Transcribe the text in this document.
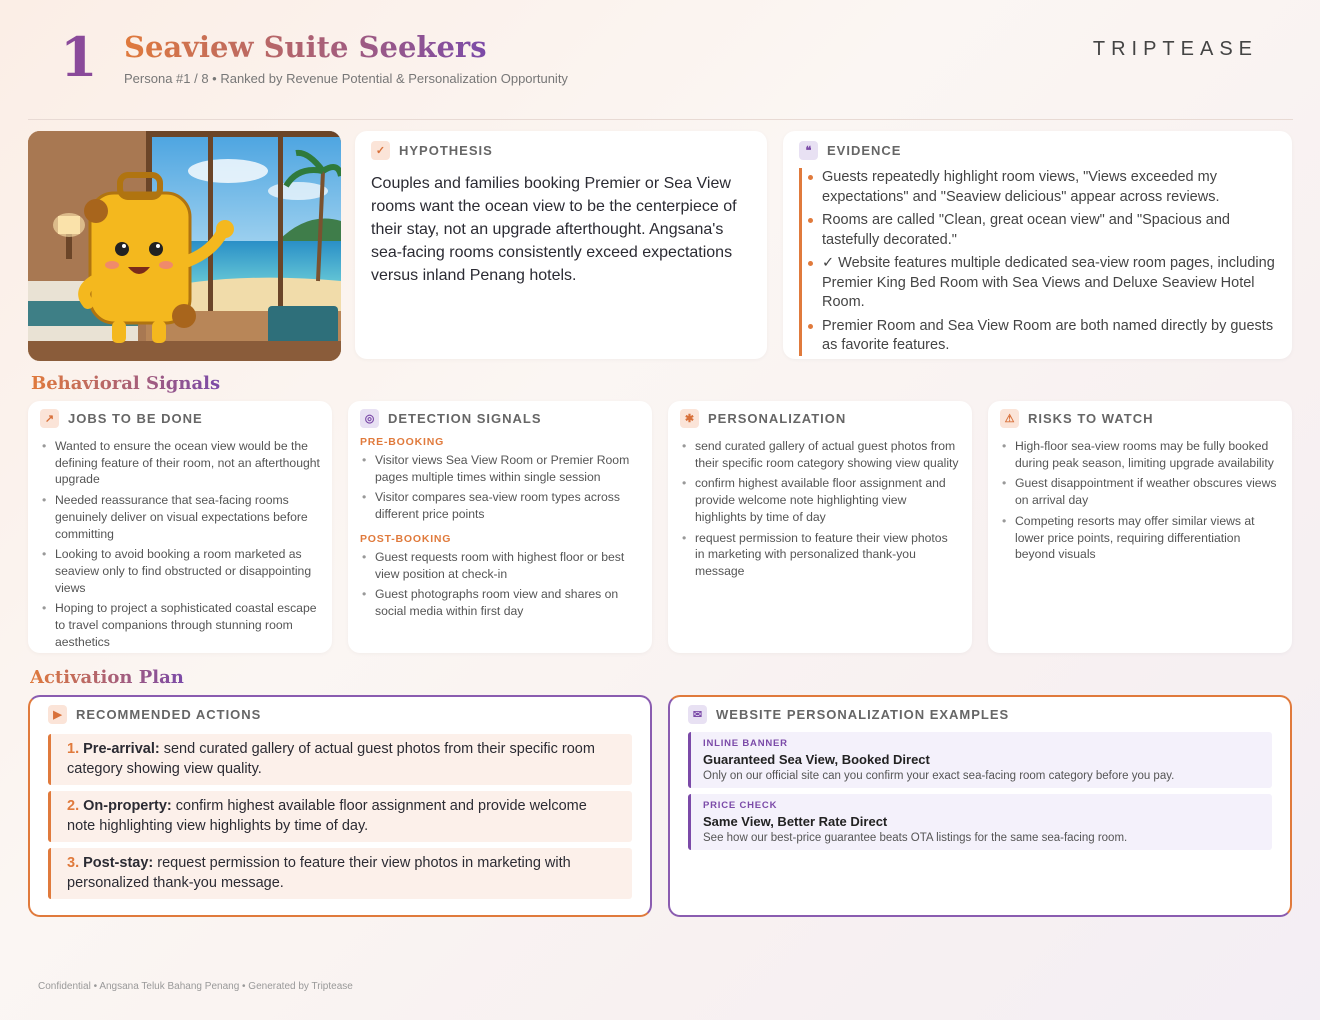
1 Seaview Suite Seekers
Persona #1 / 8 • Ranked by Revenue Potential & Personalization Opportunity
TRIPTEASE
✓	HYPOTHESIS
Couples and families booking Premier or Sea View rooms want the ocean view to be the centerpiece of their stay, not an upgrade afterthought. Angsana's sea-facing rooms consistently exceed expectations versus inland Penang hotels.
❝	EVIDENCE
Guests repeatedly highlight room views, "Views exceeded my expectations" and "Seaview delicious" appear across reviews.
Rooms are called "Clean, great ocean view" and "Spacious and tastefully decorated."
✓ Website features multiple dedicated sea-view room pages, including Premier King Bed Room with Sea Views and Deluxe Seaview Hotel Room.
Premier Room and Sea View Room are both named directly by guests as favorite features.
Behavioral Signals
↗	JOBS TO BE DONE
• Wanted to ensure the ocean view would be the defining feature of their room, not an afterthought upgrade
• Needed reassurance that sea-facing rooms genuinely deliver on visual expectations before committing
• Looking to avoid booking a room marketed as seaview only to find obstructed or disappointing views
• Hoping to project a sophisticated coastal escape to travel companions through stunning room aesthetics
◎	DETECTION SIGNALS
PRE-BOOKING
• Visitor views Sea View Room or Premier Room pages multiple times within single session
• Visitor compares sea-view room types across different price points
POST-BOOKING
• Guest requests room with highest floor or best view position at check-in
• Guest photographs room view and shares on social media within first day
✱	PERSONALIZATION
• send curated gallery of actual guest photos from their specific room category showing view quality
• confirm highest available floor assignment and provide welcome note highlighting view highlights by time of day
• request permission to feature their view photos in marketing with personalized thank-you message
⚠	RISKS TO WATCH
• High-floor sea-view rooms may be fully booked during peak season, limiting upgrade availability
• Guest disappointment if weather obscures views on arrival day
• Competing resorts may offer similar views at lower price points, requiring differentiation beyond visuals
Activation Plan
▶	RECOMMENDED ACTIONS
1. Pre-arrival: send curated gallery of actual guest photos from their specific room category showing view quality.
2. On-property: confirm highest available floor assignment and provide welcome note highlighting view highlights by time of day.
3. Post-stay: request permission to feature their view photos in marketing with personalized thank-you message.
✉	WEBSITE PERSONALIZATION EXAMPLES
INLINE BANNER
Guaranteed Sea View, Booked Direct
Only on our official site can you confirm your exact sea-facing room category before you pay.
PRICE CHECK
Same View, Better Rate Direct
See how our best-price guarantee beats OTA listings for the same sea-facing room.
Confidential • Angsana Teluk Bahang Penang • Generated by Triptease
